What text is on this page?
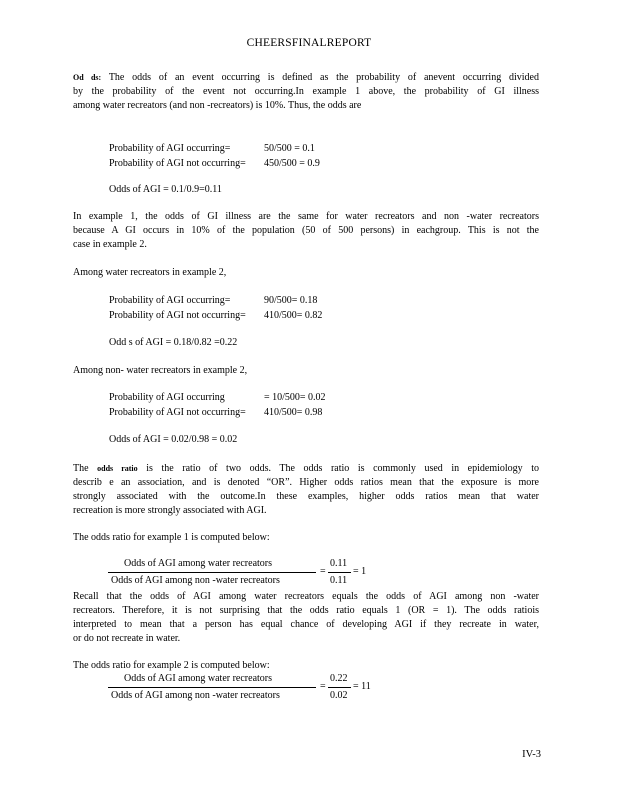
CHEERSFINALREPORT
Od ds: The odds of an event occurring is defined as the probability of anevent occurring divided
by the probability of the event not occurring.In example 1 above, the probability of GI illness
among water recreators (and non -recreators) is 10%. Thus, the odds are
Probability of AGI occurring=	50/500 = 0.1
Probability of AGI not occurring= 450/500 = 0.9
Odds of AGI = 0.1/0.9=0.11
In example 1, the odds of GI illness are the same for water recreators and non -water recreators
because A GI occurs in 10% of the population (50 of 500 persons) in eachgroup. This is not the
case in example 2.
Among water recreators in example 2,
Probability of AGI occurring=	90/500= 0.18
Probability of AGI not occurring= 410/500= 0.82
Odd s of AGI = 0.18/0.82 =0.22
Among non- water recreators in example 2,
Probability of AGI occurring	= 10/500= 0.02
Probability of AGI not occurring= 410/500= 0.98
Odds of AGI = 0.02/0.98 = 0.02
The odds ratio is the ratio of two odds. The odds ratio is commonly used in epidemiology to
describ e an association, and is denoted “OR”. Higher odds ratios mean that the exposure is more
strongly associated with the outcome.In these examples, higher odds ratios mean that water
recreation is more strongly associated with AGI.
The odds ratio for example 1 is computed below:
Odds of AGI among water recreators
Odds of AGI among non -water recreators
=
0.11
0.11
= 1
Recall that the odds of AGI among water recreators equals the odds of AGI among non -water
recreators. Therefore, it is not surprising that the odds ratio equals 1 (OR = 1). The odds ratiois
interpreted to mean that a person has equal chance of developing AGI if they recreate in water,
or do not recreate in water.
The odds ratio for example 2 is computed below:
Odds of AGI among water recreators
Odds of AGI among non -water recreators
=
0.22
0.02
= 11
IV-3
